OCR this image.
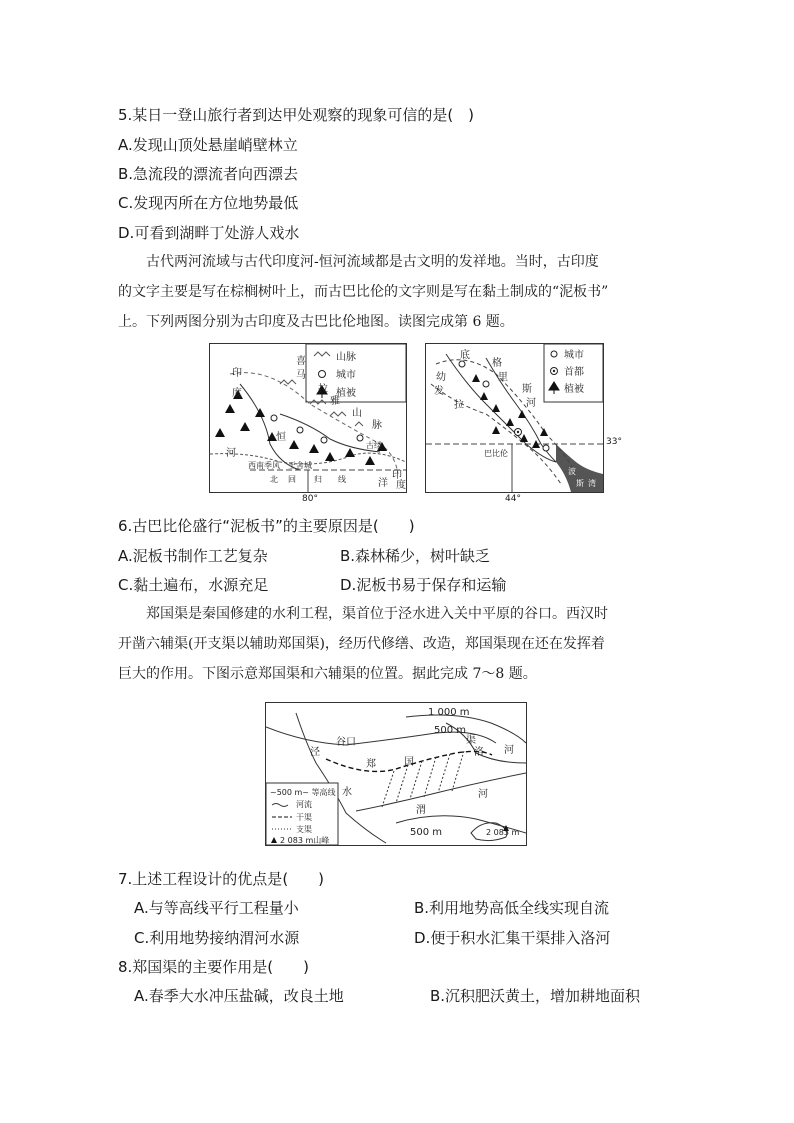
5.某日一登山旅行者到达甲处观察的现象可信的是(　)
A.发现山顶处悬崖峭壁林立
B.急流段的漂流者向西漂去
C.发现丙所在方位地势最低
D.可看到湖畔丁处游人戏水

古代两河流域与古代印度河-恒河流域都是古文明的发祥地。当时，古印度

的文字主要是写在棕榈树叶上，而古巴比伦的文字则是写在黏土制成的“泥板书”

上。下列两图分别为古印度及古巴比伦地图。读图完成第 6 题。

山脉
城市
植被
印
度
河
恒
喜
马
拉
雅
山
脉
西南季风 王舍城
古缕
印
洋 度
北 回 归 线
80°
城市
首都
植被
幼
发
底
拉
格
里
斯
河
巴比伦
波
斯 湾
33°
44°
6.古巴比伦盛行“泥板书”的主要原因是(　　)
A.泥板书制作工艺复杂	B.森林稀少，树叶缺乏
C.黏土遍布，水源充足	D.泥板书易于保存和运输

郑国渠是秦国修建的水利工程，渠首位于泾水进入关中平原的谷口。西汉时

开凿六辅渠(开支渠以辅助郑国渠)，经历代修缮、改造，郑国渠现在还在发挥着

巨大的作用。下图示意郑国渠和六辅渠的位置。据此完成 7～8 题。

1 000 m
500 m
500 m	2 083 m
泾
水
谷口
郑	国
渠
洛 河
渭
河
~500 m~ 等高线
河流
干渠
支渠
2 083 m山峰
7.上述工程设计的优点是(　　)
A.与等高线平行工程量小	B.利用地势高低全线实现自流
C.利用地势接纳渭河水源	D.便于积水汇集干渠排入洛河
8.郑国渠的主要作用是(　　)
A.春季大水冲压盐碱，改良土地	B.沉积肥沃黄土，增加耕地面积
